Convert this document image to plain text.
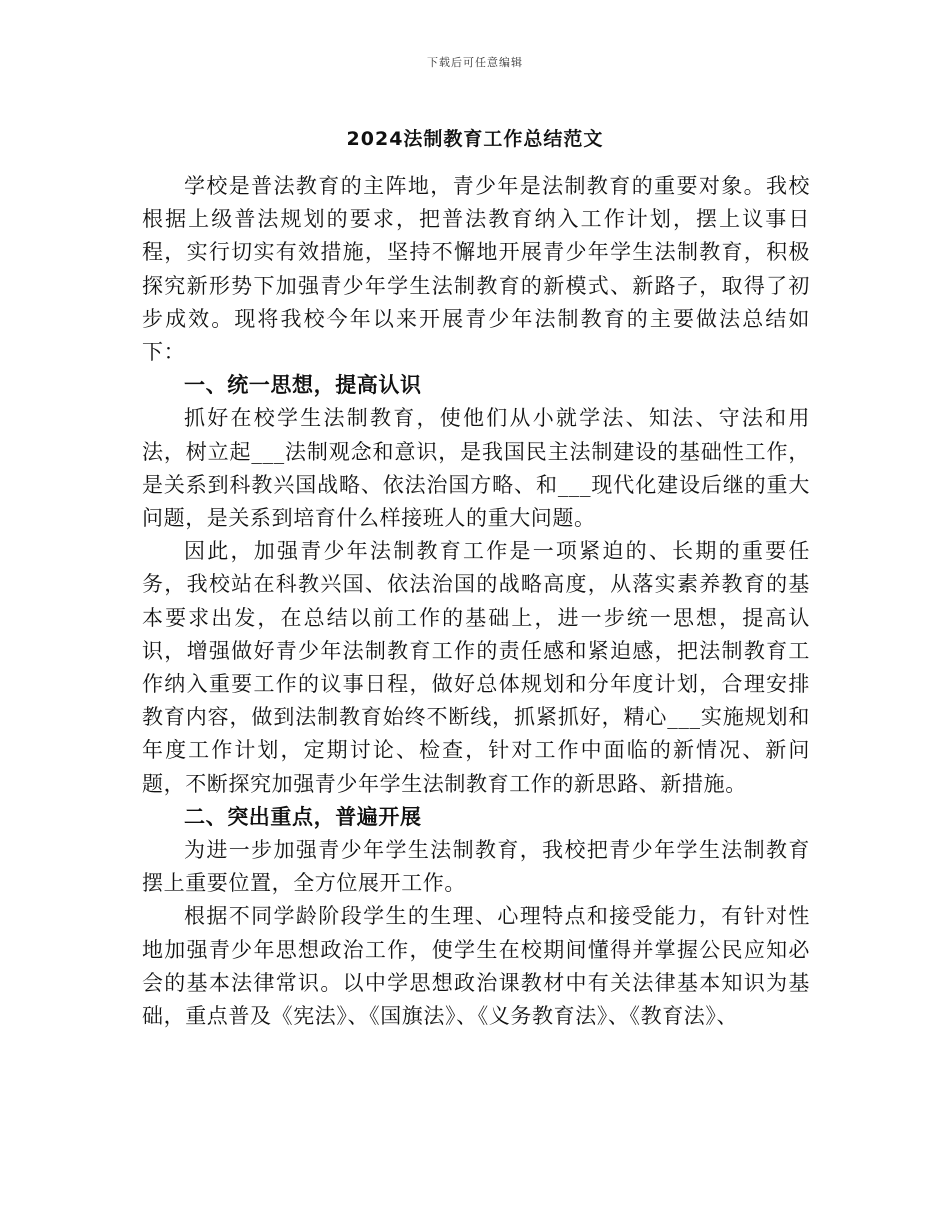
下载后可任意编辑
2024法制教育工作总结范文

学校是普法教育的主阵地，青少年是法制教育的重要对象。我校根据上级普法规划的要求，把普法教育纳入工作计划，摆上议事日程，实行切实有效措施，坚持不懈地开展青少年学生法制教育，积极探究新形势下加强青少年学生法制教育的新模式、新路子，取得了初步成效。现将我校今年以来开展青少年法制教育的主要做法总结如下：

一、统一思想，提高认识

抓好在校学生法制教育，使他们从小就学法、知法、守法和用法，树立起___法制观念和意识，是我国民主法制建设的基础性工作，是关系到科教兴国战略、依法治国方略、和___现代化建设后继的重大问题，是关系到培育什么样接班人的重大问题。

因此，加强青少年法制教育工作是一项紧迫的、长期的重要任务，我校站在科教兴国、依法治国的战略高度，从落实素养教育的基本要求出发，在总结以前工作的基础上，进一步统一思想，提高认识，增强做好青少年法制教育工作的责任感和紧迫感，把法制教育工作纳入重要工作的议事日程，做好总体规划和分年度计划，合理安排教育内容，做到法制教育始终不断线，抓紧抓好，精心___实施规划和年度工作计划，定期讨论、检查，针对工作中面临的新情况、新问题，不断探究加强青少年学生法制教育工作的新思路、新措施。

二、突出重点，普遍开展

为进一步加强青少年学生法制教育，我校把青少年学生法制教育摆上重要位置，全方位展开工作。

根据不同学龄阶段学生的生理、心理特点和接受能力，有针对性地加强青少年思想政治工作，使学生在校期间懂得并掌握公民应知必会的基本法律常识。以中学思想政治课教材中有关法律基本知识为基础，重点普及《宪法》、《国旗法》、《义务教育法》、《教育法》、
